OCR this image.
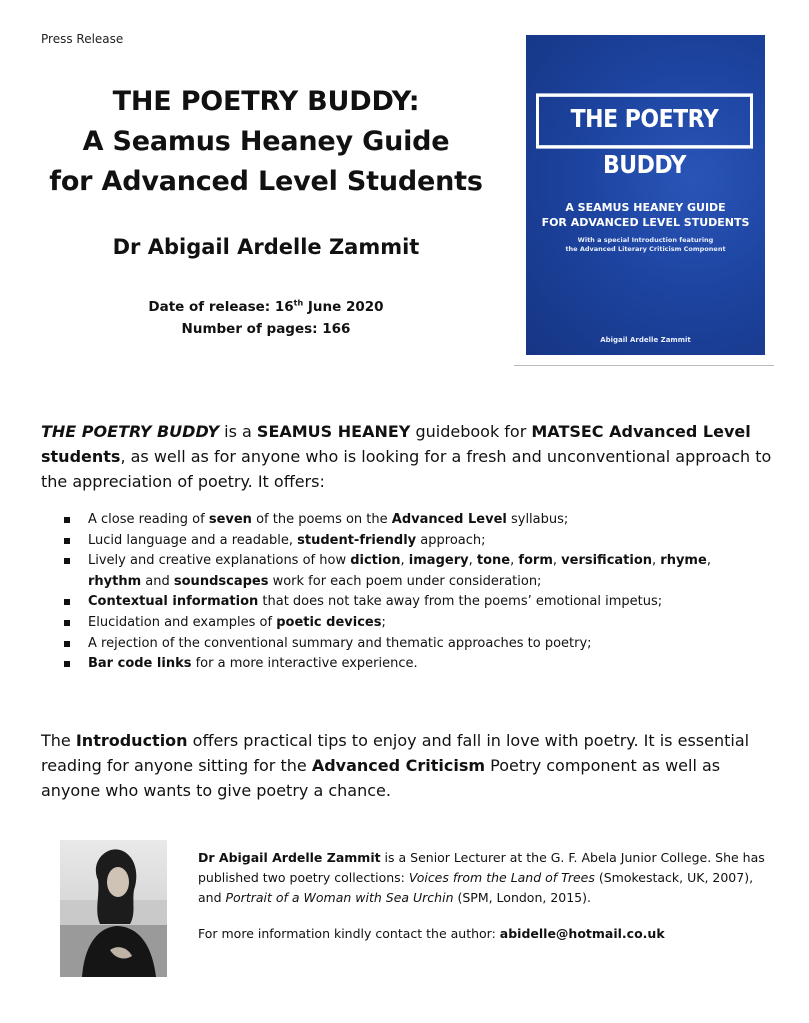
Press Release
THE POETRY BUDDY:
A Seamus Heaney Guide
for Advanced Level Students
Dr Abigail Ardelle Zammit
Date of release: 16th June 2020
Number of pages: 166
THE POETRY BUDDY
A SEAMUS HEANEY GUIDE
FOR ADVANCED LEVEL STUDENTS
With a special Introduction featuring
the Advanced Literary Criticism Component
Abigail Ardelle Zammit

THE POETRY BUDDY is a SEAMUS HEANEY guidebook for MATSEC Advanced Level students, as well as for anyone who is looking for a fresh and unconventional approach to the appreciation of poetry. It offers:

A close reading of seven of the poems on the Advanced Level syllabus;
Lucid language and a readable, student-friendly approach;
Lively and creative explanations of how diction, imagery, tone, form, versification, rhyme, rhythm and soundscapes work for each poem under consideration;
Contextual information that does not take away from the poems’ emotional impetus;
Elucidation and examples of poetic devices;
A rejection of the conventional summary and thematic approaches to poetry;
Bar code links for a more interactive experience.

The Introduction offers practical tips to enjoy and fall in love with poetry. It is essential reading for anyone sitting for the Advanced Criticism Poetry component as well as anyone who wants to give poetry a chance.

Dr Abigail Ardelle Zammit is a Senior Lecturer at the G. F. Abela Junior College. She has published two poetry collections: Voices from the Land of Trees (Smokestack, UK, 2007), and Portrait of a Woman with Sea Urchin (SPM, London, 2015).

For more information kindly contact the author: abidelle@hotmail.co.uk
